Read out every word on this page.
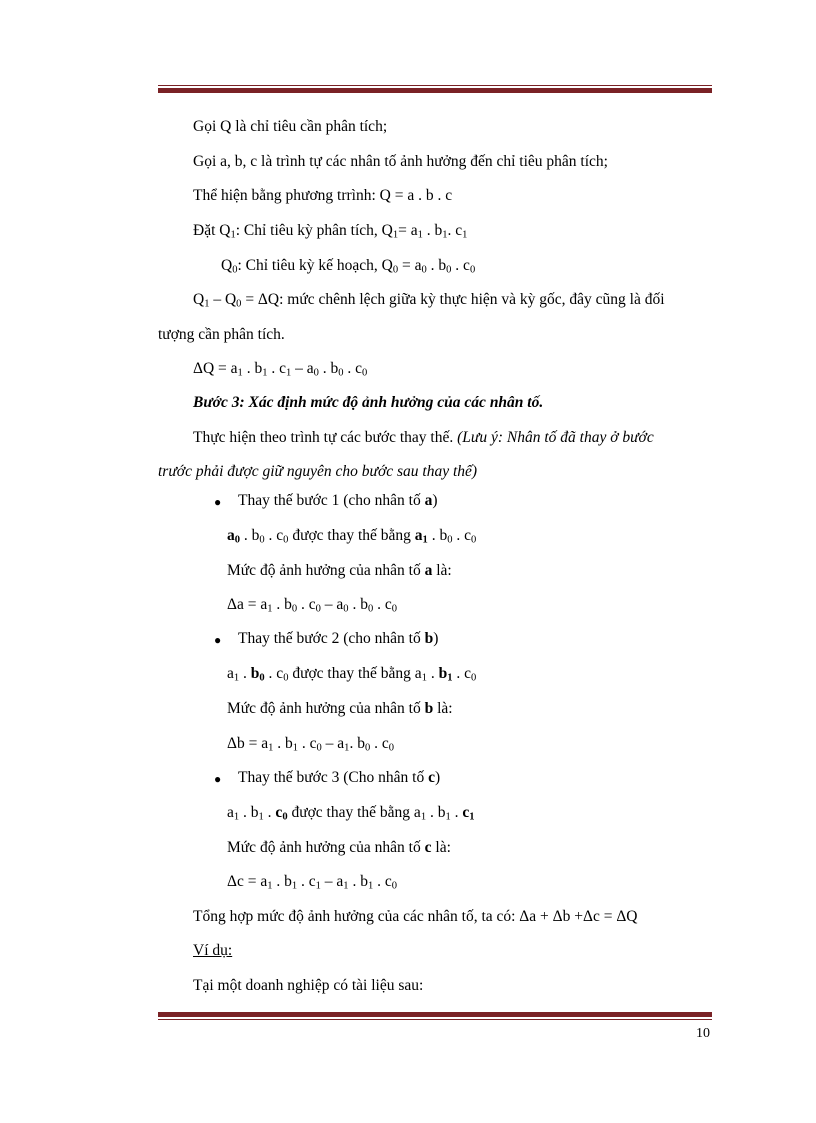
Gọi Q là chỉ tiêu cần phân tích;
Gọi a, b, c là trình tự các nhân tố ảnh hưởng đến chỉ tiêu phân tích;
Thể hiện bằng phương trrình: Q = a . b . c
Đặt $Q_1$: Chỉ tiêu kỳ phân tích, $Q_1= a_1$ . $b_1$. $c_1$
$Q_0$: Chỉ tiêu kỳ kế hoạch, $Q_0 = a_0$ . $b_0$ . $c_0$
$Q_1 - Q_0 = \Delta Q$: mức chênh lệch giữa kỳ thực hiện và kỳ gốc, đây cũng là đối
tượng cần phân tích.
$\Delta Q = a_1$ . $b_1$ . $c_1 - a_0$ . $b_0$ . $c_0$
Bước 3: Xác định mức độ ảnh hưởng của các nhân tố.
Thực hiện theo trình tự các bước thay thế. (Lưu ý: Nhân tố đã thay ở bước
trước phải được giữ nguyên cho bước sau thay thế)
● Thay thế bước 1 (cho nhân tố a)
$a_0$ . $b_0$ . $c_0$ được thay thế bằng $a_1$ . $b_0$ . $c_0$
Mức độ ảnh hưởng của nhân tố a là:
$\Delta a = a_1$ . $b_0$ . $c_0 - a_0$ . $b_0$ . $c_0$
● Thay thế bước 2 (cho nhân tố b)
$a_1$ . $b_0$ . $c_0$ được thay thế bằng $a_1$ . $b_1$ . $c_0$
Mức độ ảnh hưởng của nhân tố b là:
$\Delta b = a_1$ . $b_1$ . $c_0 - a_1$. $b_0$ . $c_0$
● Thay thế bước 3 (Cho nhân tố c)
$a_1$ . $b_1$ . $c_0$ được thay thế bằng $a_1$ . $b_1$ . $c_1$
Mức độ ảnh hưởng của nhân tố c là:
$\Delta c = a_1$ . $b_1$ . $c_1 - a_1$ . $b_1$ . $c_0$
Tổng hợp mức độ ảnh hưởng của các nhân tố, ta có: Δa + Δb +Δc = ΔQ
Ví dụ:
Tại một doanh nghiệp có tài liệu sau:
10
